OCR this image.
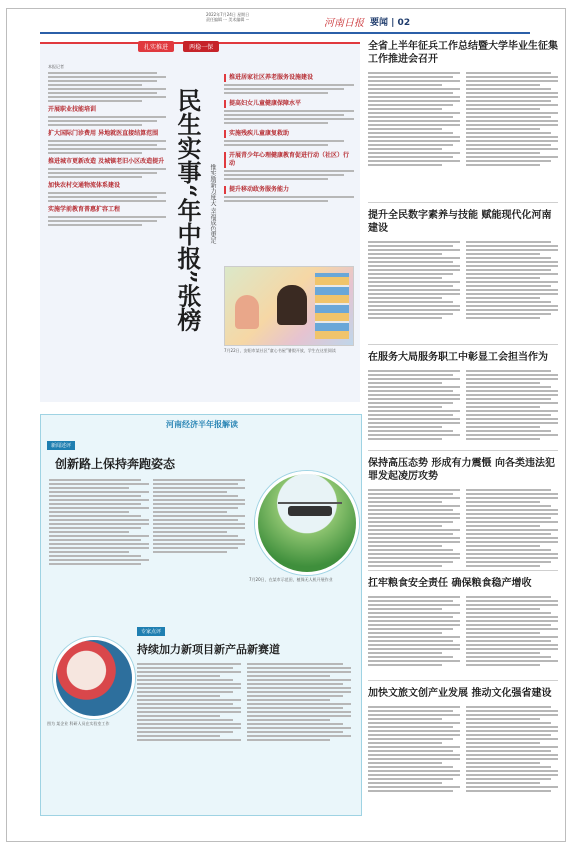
2022年7月24日 星期日
责任编辑 ··· 美术编辑 ···	河南日报 要闻 | 02
扎实推进	两稳一保
本报记者
开展职业技能培训
扩大国际门诊费用 异地就医直接结算范围
推进城市更新改造 及城镇老旧小区改造提升
加快农村交通物流体系建设
实施学前教育普惠扩容工程	民生实事“年中报”张榜	惟实励新力度大 幸福成色更足
推进居家社区养老服务设施建设
提高妇女儿童健康保障水平
实施残疾儿童康复救助
开展青少年心理健康教育促进行动（社区）行动
提升移动政务服务能力
7月22日，安阳市某社区“童心书屋”暑假开放，学生在这里阅读
河南经济半年报解读
新闻述评
创新路上保持奔跑姿态
7月20日，在某市示范田，植保无人机开展作业
图为 某企业 科研人员在实验室工作
专家点评
持续加力新项目新产品新赛道
全省上半年征兵工作总结暨大学毕业生征集工作推进会召开
提升全民数字素养与技能 赋能现代化河南建设
在服务大局服务职工中彰显工会担当作为
保持高压态势 形成有力震慑 向各类违法犯罪发起凌厉攻势
扛牢粮食安全责任 确保粮食稳产增收
加快文旅文创产业发展 推动文化强省建设
